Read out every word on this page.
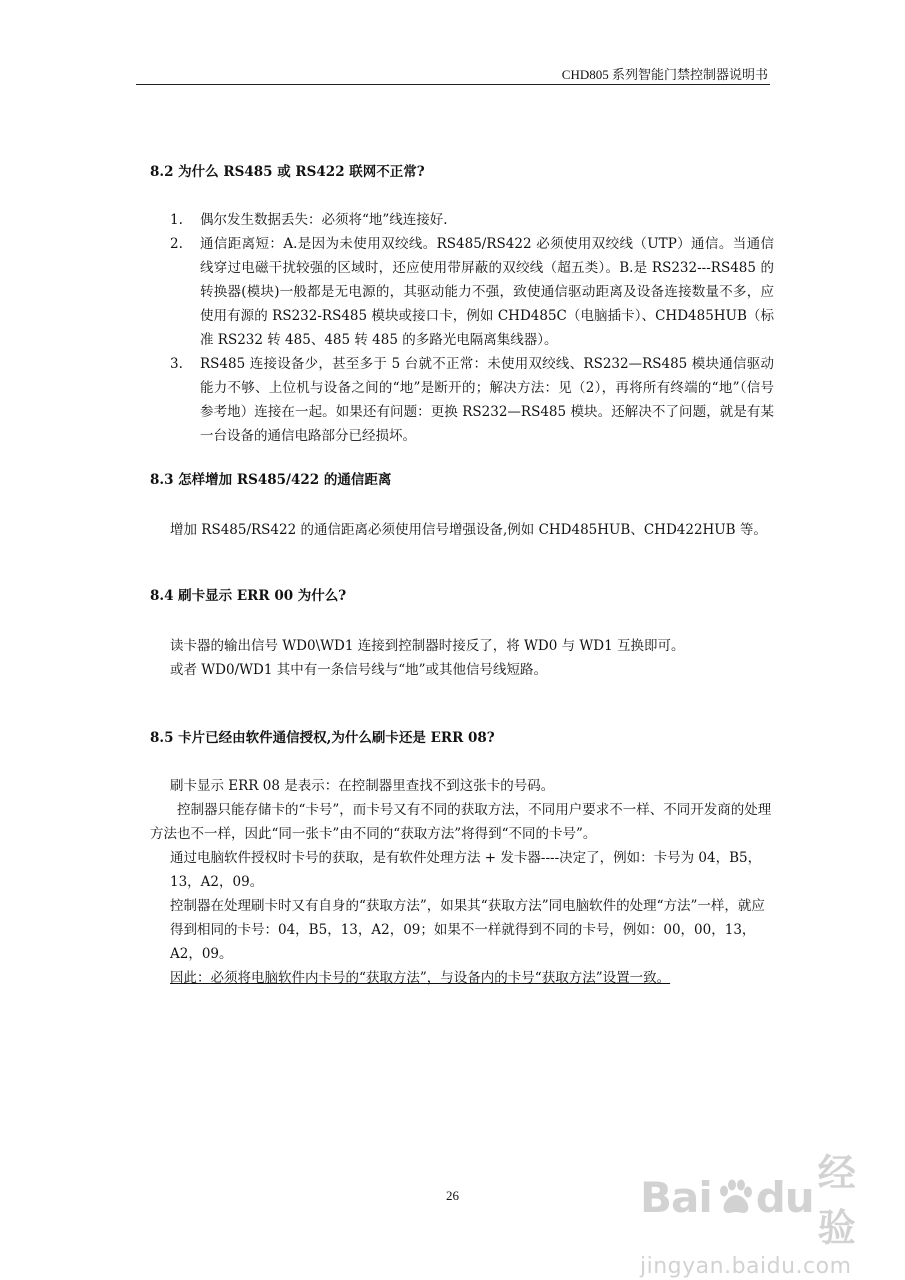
CHD805 系列智能门禁控制器说明书
8.2 为什么 RS485 或 RS422 联网不正常?
1.	偶尔发生数据丢失：必须将“地”线连接好.
2.	通信距离短：A.是因为未使用双绞线。RS485/RS422 必须使用双绞线（UTP）通信。当通信线穿过电磁干扰较强的区域时，还应使用带屏蔽的双绞线（超五类）。B.是 RS232---RS485 的转换器(模块)一般都是无电源的，其驱动能力不强，致使通信驱动距离及设备连接数量不多，应使用有源的 RS232-RS485 模块或接口卡，例如 CHD485C（电脑插卡）、CHD485HUB（标准 RS232 转 485、485 转 485 的多路光电隔离集线器）。
3.	RS485 连接设备少，甚至多于 5 台就不正常：未使用双绞线、RS232—RS485 模块通信驱动能力不够、上位机与设备之间的“地”是断开的；解决方法：见（2），再将所有终端的“地”（信号参考地）连接在一起。如果还有问题：更换 RS232—RS485 模块。还解决不了问题，就是有某一台设备的通信电路部分已经损坏。
8.3 怎样增加 RS485/422 的通信距离

增加 RS485/RS422 的通信距离必须使用信号增强设备,例如 CHD485HUB、CHD422HUB 等。

8.4 刷卡显示 ERR 00 为什么?

读卡器的输出信号 WD0\WD1 连接到控制器时接反了，将 WD0 与 WD1 互换即可。

或者 WD0/WD1 其中有一条信号线与“地”或其他信号线短路。

8.5 卡片已经由软件通信授权,为什么刷卡还是 ERR 08?

刷卡显示 ERR 08 是表示：在控制器里查找不到这张卡的号码。

控制器只能存储卡的“卡号”，而卡号又有不同的获取方法，不同用户要求不一样、不同开发商的处理方法也不一样，因此“同一张卡”由不同的“获取方法”将得到“不同的卡号”。

通过电脑软件授权时卡号的获取，是有软件处理方法 + 发卡器----决定了，例如：卡号为 04，B5，13，A2，09。

控制器在处理刷卡时又有自身的“获取方法”，如果其“获取方法”同电脑软件的处理“方法”一样，就应得到相同的卡号：04，B5，13，A2，09；如果不一样就得到不同的卡号，例如：00，00，13，A2，09。

因此：必须将电脑软件内卡号的“获取方法”，与设备内的卡号“获取方法”设置一致。

26	Bai du 经验
jingyan.baidu.com
